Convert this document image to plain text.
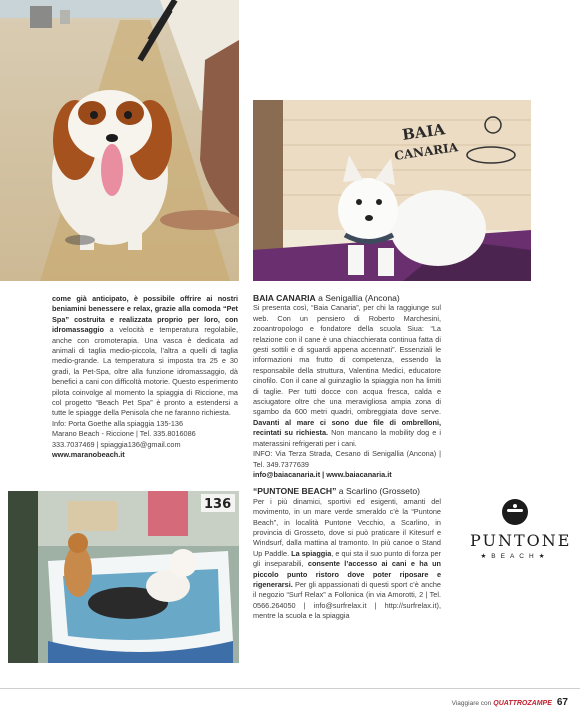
BAIA
CANARIA
136

come già anticipato, è possibile offrire ai nostri beniamini benessere e relax, grazie alla comoda “Pet Spa” costruita e realizzata proprio per loro, con idromassaggio a velocità e temperatura regolabile, anche con cromoterapia. Una vasca è dedicata ad animali di taglia medio-piccola, l’altra a quelli di taglia medio-grande. La temperatura si imposta tra 25 e 30 gradi, la Pet-Spa, oltre alla funzione idromassaggio, dà benefici a cani con difficoltà motorie. Questo esperimento pilota coinvolge al momento la spiaggia di Riccione, ma col progetto “Beach Pet Spa” è pronto a estendersi a tutte le spiagge della Penisola che ne faranno richiesta.

Info: Porta Goethe alla spiaggia 135-136

Marano Beach - Riccione | Tel. 335.8016086

333.7037469 | spiaggia136@gmail.com

www.maranobeach.it

BAIA CANARIA a Senigallia (Ancona)

Si presenta così, “Baia Canaria”, per chi la raggiunge sul web. Con un pensiero di Roberto Marchesini, zooantropologo e fondatore della scuola Siua: “La relazione con il cane è una chiacchierata continua fatta di gesti sottili e di sguardi appena accennati”. Essenziali le informazioni ma frutto di competenza, essendo la responsabile della struttura, Valentina Medici, educatore cinofilo. Con il cane al guinzaglio la spiaggia non ha limiti di taglie. Per tutti docce con acqua fresca, calda e asciugatore oltre che una meravigliosa ampia zona di sgambo da 600 metri quadri, ombreggiata dove serve. Davanti al mare ci sono due file di ombrelloni, recintati su richiesta. Non mancano la mobility dog e i materassini refrigerati per i cani.

INFO: Via Terza Strada, Cesano di Senigallia (Ancona) | Tel. 349.7377639

info@baiacanaria.it | www.baiacanaria.it

“PUNTONE BEACH” a Scarlino (Grosseto)

Per i più dinamici, sportivi ed esigenti, amanti del movimento, in un mare verde smeraldo c’è la “Puntone Beach”, in località Puntone Vecchio, a Scarlino, in provincia di Grosseto, dove si può praticare il Kitesurf e Windsurf, dalla mattina al tramonto. In più canoe o Stand Up Paddle. La spiaggia, e qui sta il suo punto di forza per gli inseparabili, consente l’accesso ai cani e ha un piccolo punto ristoro dove poter riposare e rigenerarsi. Per gli appassionati di questi sport c’è anche il negozio “Surf Relax” a Follonica (in via Amorotti, 2 | Tel. 0566.264050 | info@surfrelax.it | http://surfrelax.it), mentre la scuola e la spiaggia

PUNTONE
★BEACH★
Viaggiare con QUATTROZAMPE 67
